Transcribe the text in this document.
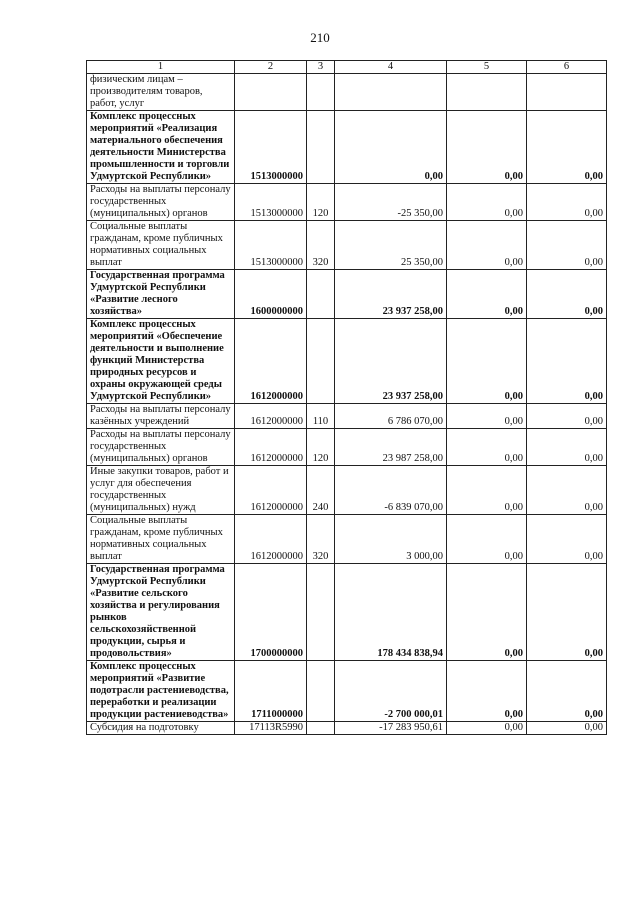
210
1	2	3	4	5	6
физическим лицам – производителям товаров, работ, услуг					
Комплекс процессных мероприятий «Реализация материального обеспечения деятельности Министерства промышленности и торговли Удмуртской Республики»	1513000000		0,00	0,00	0,00
Расходы на выплаты персоналу государственных (муниципальных) органов	1513000000	120	-25 350,00	0,00	0,00
Социальные выплаты гражданам, кроме публичных нормативных социальных выплат	1513000000	320	25 350,00	0,00	0,00
Государственная программа Удмуртской Республики «Развитие лесного хозяйства»	1600000000		23 937 258,00	0,00	0,00
Комплекс процессных мероприятий «Обеспечение деятельности и выполнение функций Министерства природных ресурсов и охраны окружающей среды Удмуртской Республики»	1612000000		23 937 258,00	0,00	0,00
Расходы на выплаты персоналу казённых учреждений	1612000000	110	6 786 070,00	0,00	0,00
Расходы на выплаты персоналу государственных (муниципальных) органов	1612000000	120	23 987 258,00	0,00	0,00
Иные закупки товаров, работ и услуг для обеспечения государственных (муниципальных) нужд	1612000000	240	-6 839 070,00	0,00	0,00
Социальные выплаты гражданам, кроме публичных нормативных социальных выплат	1612000000	320	3 000,00	0,00	0,00
Государственная программа Удмуртской Республики «Развитие сельского хозяйства и регулирования рынков сельскохозяйственной продукции, сырья и продовольствия»	1700000000		178 434 838,94	0,00	0,00
Комплекс процессных мероприятий «Развитие подотрасли растениеводства, переработки и реализации продукции растениеводства»	1711000000		-2 700 000,01	0,00	0,00
Субсидия на подготовку	17113R5990		-17 283 950,61	0,00	0,00
